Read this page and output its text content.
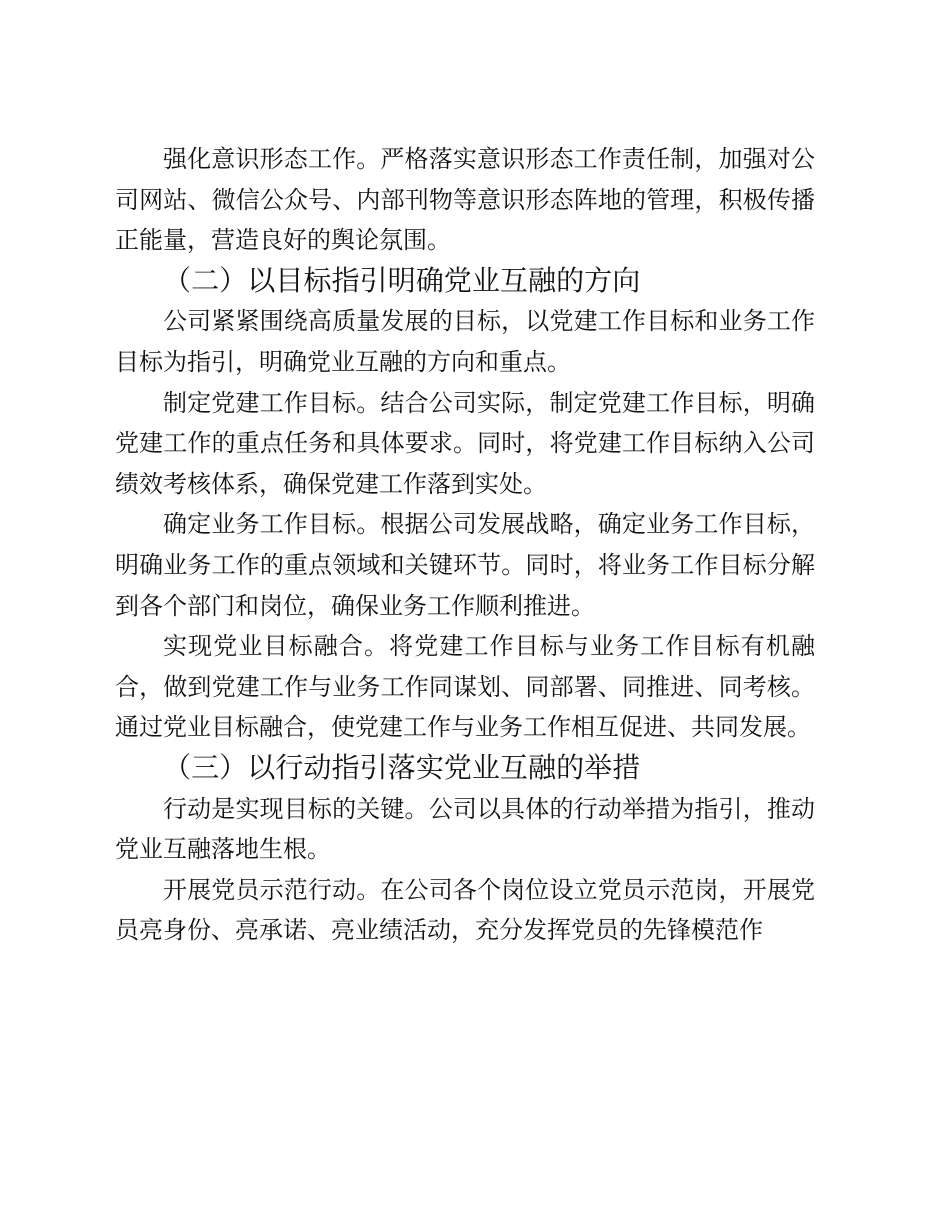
强化意识形态工作。严格落实意识形态工作责任制，加强对公司网站、微信公众号、内部刊物等意识形态阵地的管理，积极传播正能量，营造良好的舆论氛围。

（二）以目标指引明确党业互融的方向

公司紧紧围绕高质量发展的目标，以党建工作目标和业务工作目标为指引，明确党业互融的方向和重点。

制定党建工作目标。结合公司实际，制定党建工作目标，明确党建工作的重点任务和具体要求。同时，将党建工作目标纳入公司绩效考核体系，确保党建工作落到实处。

确定业务工作目标。根据公司发展战略，确定业务工作目标，明确业务工作的重点领域和关键环节。同时，将业务工作目标分解到各个部门和岗位，确保业务工作顺利推进。

实现党业目标融合。将党建工作目标与业务工作目标有机融合，做到党建工作与业务工作同谋划、同部署、同推进、同考核。通过党业目标融合，使党建工作与业务工作相互促进、共同发展。

（三）以行动指引落实党业互融的举措

行动是实现目标的关键。公司以具体的行动举措为指引，推动党业互融落地生根。

开展党员示范行动。在公司各个岗位设立党员示范岗，开展党员亮身份、亮承诺、亮业绩活动，充分发挥党员的先锋模范作
